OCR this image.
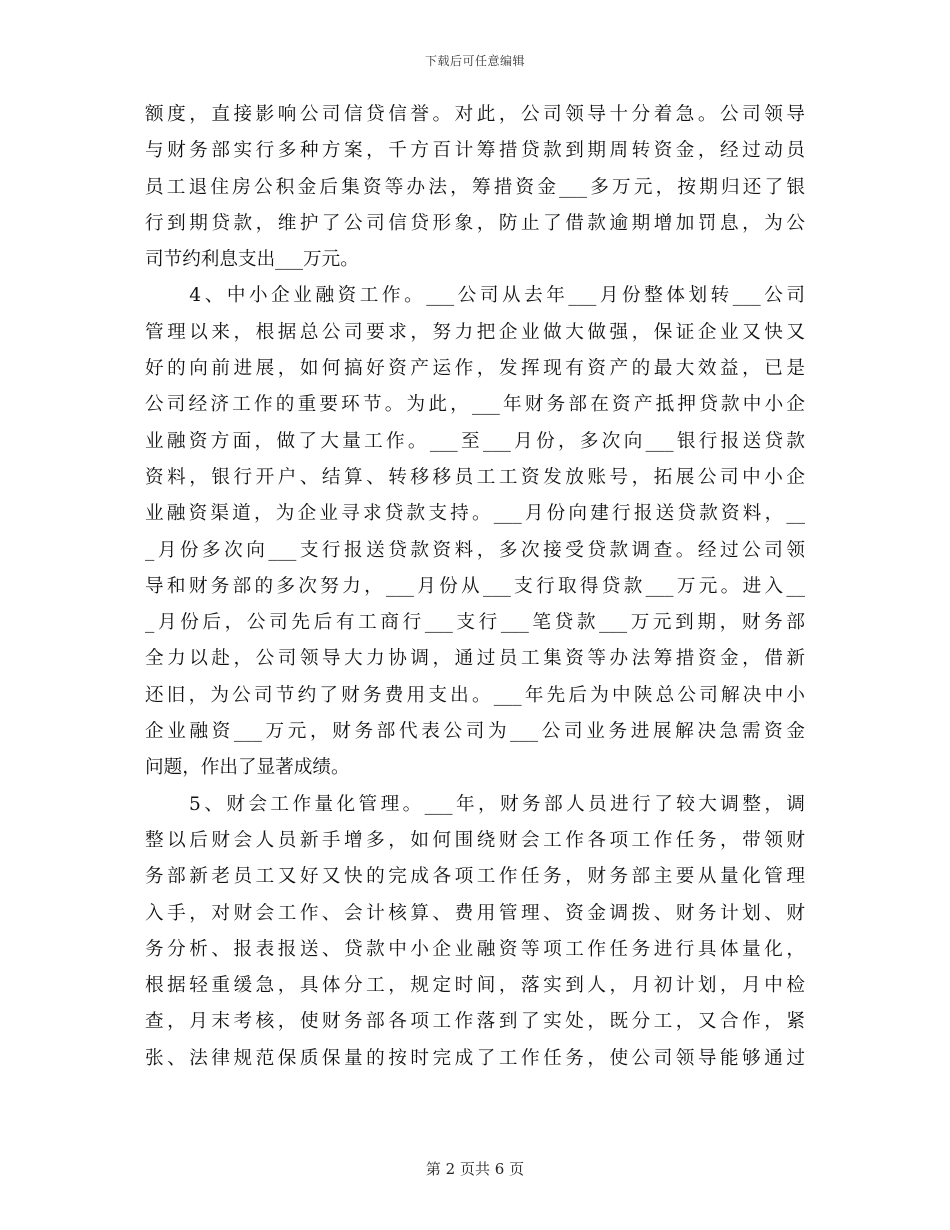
下载后可任意编辑
额度，直接影响公司信贷信誉。对此，公司领导十分着急。公司领导
与财务部实行多种方案，千方百计筹措贷款到期周转资金，经过动员
员工退住房公积金后集资等办法，筹措资金___多万元，按期归还了银
行到期贷款，维护了公司信贷形象，防止了借款逾期增加罚息，为公
司节约利息支出___万元。
　　4、中小企业融资工作。___公司从去年___月份整体划转___公司
管理以来，根据总公司要求，努力把企业做大做强，保证企业又快又
好的向前进展，如何搞好资产运作，发挥现有资产的最大效益，已是
公司经济工作的重要环节。为此，___年财务部在资产抵押贷款中小企
业融资方面，做了大量工作。___至___月份，多次向___银行报送贷款
资料，银行开户、结算、转移移员工工资发放账号，拓展公司中小企
业融资渠道，为企业寻求贷款支持。___月份向建行报送贷款资料，__
_月份多次向___支行报送贷款资料，多次接受贷款调查。经过公司领
导和财务部的多次努力，___月份从___支行取得贷款___万元。进入__
_月份后，公司先后有工商行___支行___笔贷款___万元到期，财务部
全力以赴，公司领导大力协调，通过员工集资等办法筹措资金，借新
还旧，为公司节约了财务费用支出。___年先后为中陕总公司解决中小
企业融资___万元，财务部代表公司为___公司业务进展解决急需资金
问题，作出了显著成绩。
　　5、财会工作量化管理。___年，财务部人员进行了较大调整，调
整以后财会人员新手增多，如何围绕财会工作各项工作任务，带领财
务部新老员工又好又快的完成各项工作任务，财务部主要从量化管理
入手，对财会工作、会计核算、费用管理、资金调拨、财务计划、财
务分析、报表报送、贷款中小企业融资等项工作任务进行具体量化，
根据轻重缓急，具体分工，规定时间，落实到人，月初计划，月中检
查，月末考核，使财务部各项工作落到了实处，既分工，又合作，紧
张、法律规范保质保量的按时完成了工作任务，使公司领导能够通过
第 2 页共 6 页
